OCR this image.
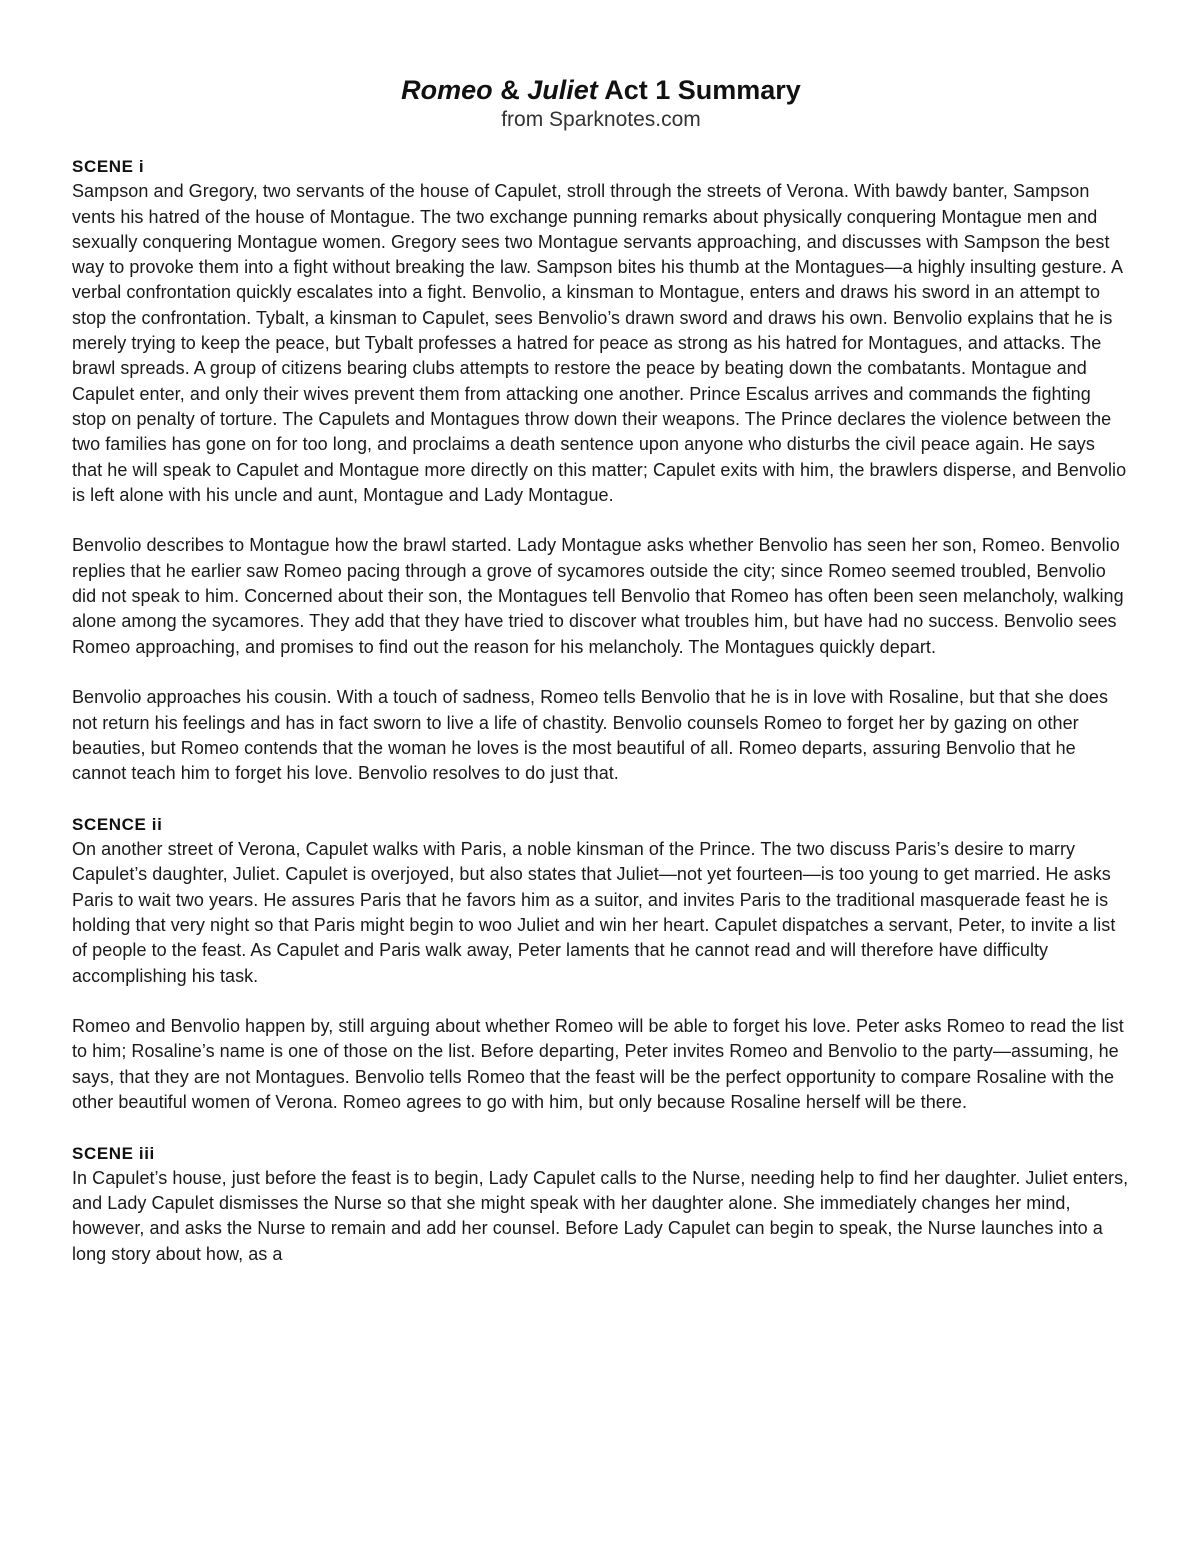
Romeo & Juliet Act 1 Summary

from Sparknotes.com

SCENE i

Sampson and Gregory, two servants of the house of Capulet, stroll through the streets of Verona. With bawdy banter, Sampson vents his hatred of the house of Montague. The two exchange punning remarks about physically conquering Montague men and sexually conquering Montague women. Gregory sees two Montague servants approaching, and discusses with Sampson the best way to provoke them into a fight without breaking the law. Sampson bites his thumb at the Montagues—a highly insulting gesture. A verbal confrontation quickly escalates into a fight. Benvolio, a kinsman to Montague, enters and draws his sword in an attempt to stop the confrontation. Tybalt, a kinsman to Capulet, sees Benvolio’s drawn sword and draws his own. Benvolio explains that he is merely trying to keep the peace, but Tybalt professes a hatred for peace as strong as his hatred for Montagues, and attacks. The brawl spreads. A group of citizens bearing clubs attempts to restore the peace by beating down the combatants. Montague and Capulet enter, and only their wives prevent them from attacking one another. Prince Escalus arrives and commands the fighting stop on penalty of torture. The Capulets and Montagues throw down their weapons. The Prince declares the violence between the two families has gone on for too long, and proclaims a death sentence upon anyone who disturbs the civil peace again. He says that he will speak to Capulet and Montague more directly on this matter; Capulet exits with him, the brawlers disperse, and Benvolio is left alone with his uncle and aunt, Montague and Lady Montague.

Benvolio describes to Montague how the brawl started. Lady Montague asks whether Benvolio has seen her son, Romeo. Benvolio replies that he earlier saw Romeo pacing through a grove of sycamores outside the city; since Romeo seemed troubled, Benvolio did not speak to him. Concerned about their son, the Montagues tell Benvolio that Romeo has often been seen melancholy, walking alone among the sycamores. They add that they have tried to discover what troubles him, but have had no success. Benvolio sees Romeo approaching, and promises to find out the reason for his melancholy. The Montagues quickly depart.

Benvolio approaches his cousin. With a touch of sadness, Romeo tells Benvolio that he is in love with Rosaline, but that she does not return his feelings and has in fact sworn to live a life of chastity. Benvolio counsels Romeo to forget her by gazing on other beauties, but Romeo contends that the woman he loves is the most beautiful of all. Romeo departs, assuring Benvolio that he cannot teach him to forget his love. Benvolio resolves to do just that.

SCENCE ii

On another street of Verona, Capulet walks with Paris, a noble kinsman of the Prince. The two discuss Paris’s desire to marry Capulet’s daughter, Juliet. Capulet is overjoyed, but also states that Juliet—not yet fourteen—is too young to get married. He asks Paris to wait two years. He assures Paris that he favors him as a suitor, and invites Paris to the traditional masquerade feast he is holding that very night so that Paris might begin to woo Juliet and win her heart. Capulet dispatches a servant, Peter, to invite a list of people to the feast. As Capulet and Paris walk away, Peter laments that he cannot read and will therefore have difficulty accomplishing his task.

Romeo and Benvolio happen by, still arguing about whether Romeo will be able to forget his love. Peter asks Romeo to read the list to him; Rosaline’s name is one of those on the list. Before departing, Peter invites Romeo and Benvolio to the party—assuming, he says, that they are not Montagues. Benvolio tells Romeo that the feast will be the perfect opportunity to compare Rosaline with the other beautiful women of Verona. Romeo agrees to go with him, but only because Rosaline herself will be there.

SCENE iii

In Capulet’s house, just before the feast is to begin, Lady Capulet calls to the Nurse, needing help to find her daughter. Juliet enters, and Lady Capulet dismisses the Nurse so that she might speak with her daughter alone. She immediately changes her mind, however, and asks the Nurse to remain and add her counsel. Before Lady Capulet can begin to speak, the Nurse launches into a long story about how, as a
